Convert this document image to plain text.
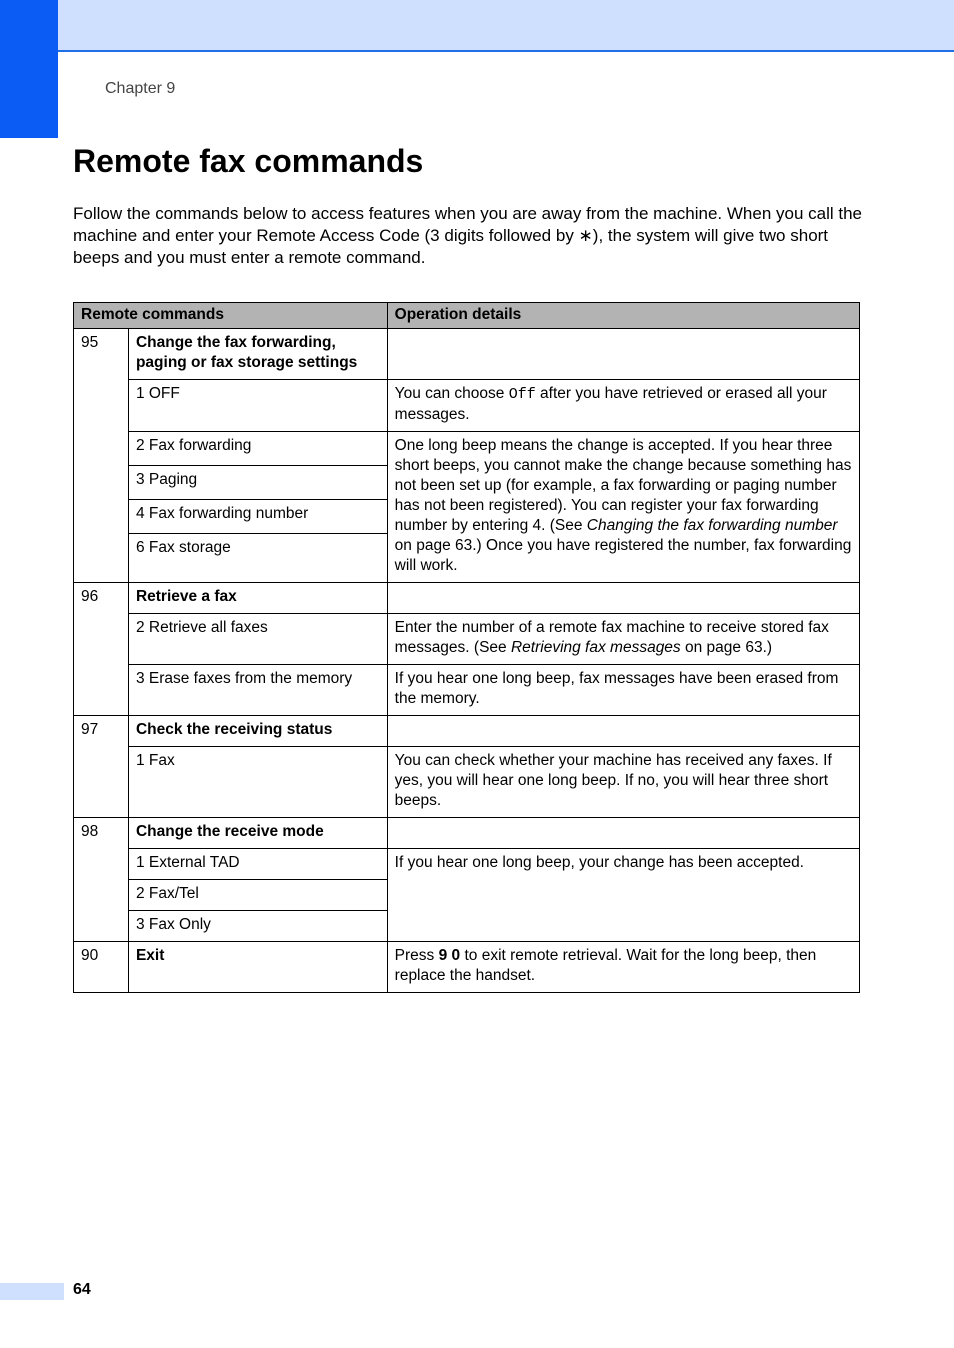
Chapter 9
Remote fax commands

Follow the commands below to access features when you are away from the machine. When you call the machine and enter your Remote Access Code (3 digits followed by ∗), the system will give two short beeps and you must enter a remote command.

Remote commands		Operation details
95	Change the fax forwarding, paging or fax storage settings	
	1 OFF	You can choose Off after you have retrieved or erased all your messages.
	2 Fax forwarding	One long beep means the change is accepted. If you hear three short beeps, you cannot make the change because something has not been set up (for example, a fax forwarding or paging number has not been registered). You can register your fax forwarding number by entering 4. (See Changing the fax forwarding number on page 63.) Once you have registered the number, fax forwarding will work.
	3 Paging	
	4 Fax forwarding number	
	6 Fax storage	
96	Retrieve a fax	
	2 Retrieve all faxes	Enter the number of a remote fax machine to receive stored fax messages. (See Retrieving fax messages on page 63.)
	3 Erase faxes from the memory	If you hear one long beep, fax messages have been erased from the memory.
97	Check the receiving status	
	1 Fax	You can check whether your machine has received any faxes. If yes, you will hear one long beep. If no, you will hear three short beeps.
98	Change the receive mode	
	1 External TAD	If you hear one long beep, your change has been accepted.
	2 Fax/Tel	
	3 Fax Only	
90	Exit	Press 9 0 to exit remote retrieval. Wait for the long beep, then replace the handset.
64
